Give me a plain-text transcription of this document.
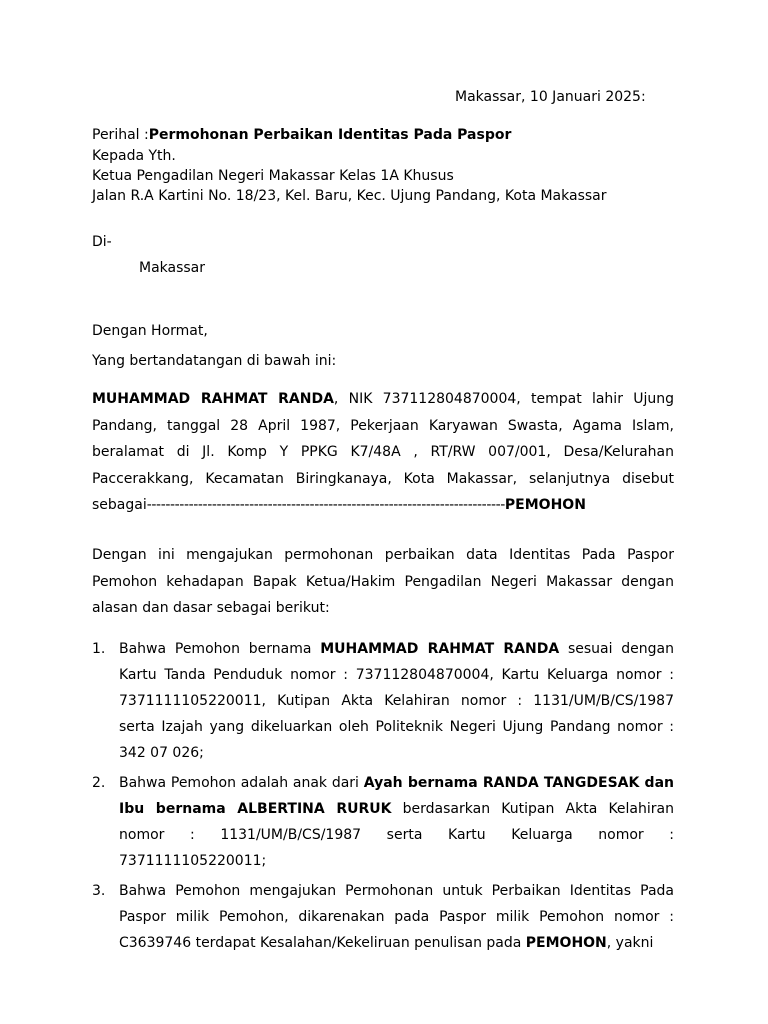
Makassar, 10 Januari 2025:
Perihal :Permohonan Perbaikan Identitas Pada Paspor
Kepada Yth.
Ketua Pengadilan Negeri Makassar Kelas 1A Khusus
Jalan R.A Kartini No. 18/23, Kel. Baru, Kec. Ujung Pandang, Kota Makassar
Di-
Makassar
Dengan Hormat,
Yang bertandatangan di bawah ini:
MUHAMMAD RAHMAT RANDA, NIK 737112804870004, tempat lahir Ujung Pandang, tanggal 28 April 1987, Pekerjaan Karyawan Swasta, Agama Islam, beralamat di Jl. Komp Y PPKG K7/48A , RT/RW 007/001, Desa/Kelurahan Paccerakkang, Kecamatan Biringkanaya, Kota Makassar, selanjutnya disebut sebagai-----------------------------------------------------------------------------PEMOHON
Dengan ini mengajukan permohonan perbaikan data Identitas Pada Paspor Pemohon kehadapan Bapak Ketua/Hakim Pengadilan Negeri Makassar dengan alasan dan dasar sebagai berikut:
1. Bahwa Pemohon bernama MUHAMMAD RAHMAT RANDA sesuai dengan Kartu Tanda Penduduk nomor : 737112804870004, Kartu Keluarga nomor : 7371111105220011, Kutipan Akta Kelahiran nomor : 1131/UM/B/CS/1987 serta Izajah yang dikeluarkan oleh Politeknik Negeri Ujung Pandang nomor : 342 07 026;
2. Bahwa Pemohon adalah anak dari Ayah bernama RANDA TANGDESAK dan Ibu bernama ALBERTINA RURUK berdasarkan Kutipan Akta Kelahiran nomor : 1131/UM/B/CS/1987 serta Kartu Keluarga nomor : 7371111105220011;
3. Bahwa Pemohon mengajukan Permohonan untuk Perbaikan Identitas Pada Paspor milik Pemohon, dikarenakan pada Paspor milik Pemohon nomor : C3639746 terdapat Kesalahan/Kekeliruan penulisan pada PEMOHON, yakni
